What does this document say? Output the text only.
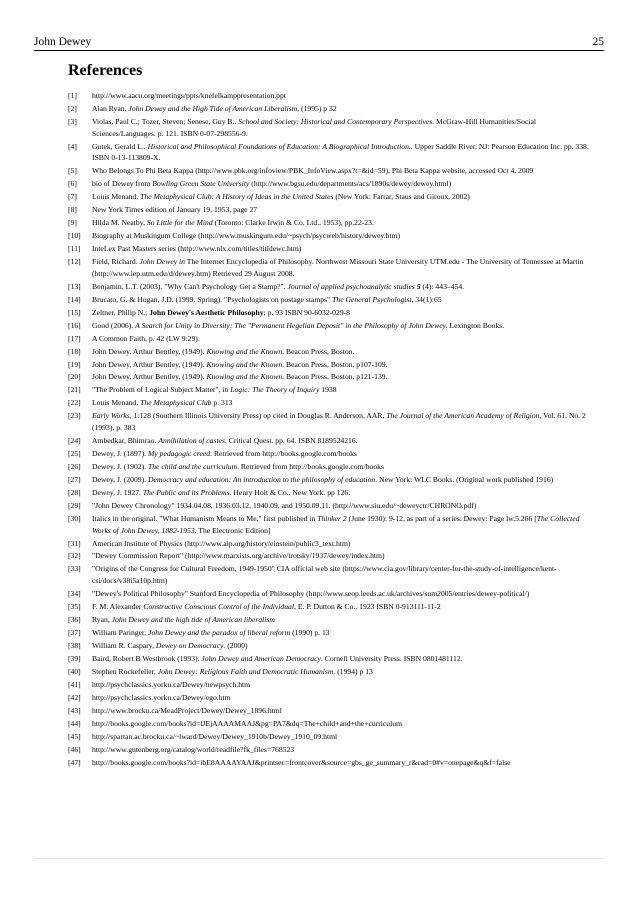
John Dewey	25
References
[1]	http://www.aacu.org/meetings/ppts/knefelkamppresentation.ppt
[2]	Alan Ryan, John Dewey and the High Tide of American Liberalism, (1995) p 32
[3]	Violas, Paul C.; Tozer, Steven; Senese, Guy B.. School and Society: Historical and Contemporary Perspectives. McGraw-Hill Humanities/Social Sciences/Languages. p. 121. ISBN 0-07-298556-9.
[4]	Gutek, Gerald L.. Historical and Philosophical Foundations of Education: A Biographical Introduction.. Upper Saddle River, NJ: Pearson Education Inc. pp. 338. ISBN 0-13-113809-X.
[5]	Who Belongs To Phi Beta Kappa (http://www.pbk.org/infoview/PBK_InfoView.aspx?t=&id=59), Phi Beta Kappa website, accessed Oct 4, 2009
[6]	bio of Dewey from Bowling Green State University (http://www.bgsu.edu/departments/acs/1890s/dewey/dewey.html)
[7]	Louis Menand, The Metaphysical Club: A History of Ideas in the United States (New York: Farrar, Staus and Giroux, 2002)
[8]	New York Times edition of January 19, 1953, page 27
[9]	Hilda M. Neatby, So Little for the Mind (Toronto: Clarke Irwin & Co. Ltd., 1953), pp.22-23.
[10]	Biography at Muskingum College (http://www.muskingum.edu/~psych/psycweb/history/dewey.htm)
[11]	InteLex Past Masters series (http://www.nlx.com/titles/titldewc.htm)
[12]	Field, Richard. John Dewey in The Internet Encyclopedia of Philosophy. Northwest Missouri State University UTM.edu - The University of Tennessee at Martin (http://www.iep.utm.edu/d/dewey.htm) Retrieved 29 August 2008.
[13]	Benjamin, L.T. (2003). "Why Can't Psychology Get a Stamp?". Journal of applied psychoanalytic studies 5 (4): 443–454.
[14]	Brucato, G. & Hogan, J.D. (1999, Spring). "Psychologists on postage stamps" The General Psychologist, 34(1):65
[15]	Zeltner, Philip N.; John Dewey's Aesthetic Philosophy; p. 93 ISBN 90-6032-029-8
[16]	Good (2006). A Search for Unity in Diversity: The "Permanent Hegelian Deposit" in the Philosophy of John Dewey. Lexington Books.
[17]	A Common Faith, p. 42 (LW 9:29).
[18]	John Dewey, Arthur Bentley, (1949). Knowing and the Known. Beacon Press, Boston.
[19]	John Dewey, Arthur Bentley, (1949). Knowing and the Known. Beacon Press, Boston, p107-109.
[20]	John Dewey, Arthur Bentley, (1949). Knowing and the Known. Beacon Press, Boston, p121-139.
[21]	"The Problem of Logical Subject Matter", in Logic: The Theory of Inquiry 1938
[22]	Louis Menand. The Metaphysical Club p. 313
[23]	Early Works, 1:128 (Southern Illinois University Press) op cited in Douglas R. Anderson, AAR, The Journal of the American Academy of Religion, Vol. 61, No. 2 (1993), p. 383
[24]	Ambedkar, Bhimrao. Annihilation of castes. Critical Quest. pp. 64. ISBN 8189524216.
[25]	Dewey, J. (1897). My pedagogic creed. Retrieved from http://books.google.com/books
[26]	Dewey, J. (1902). The child and the curriculum. Retrieved from http://books.google.com/books
[27]	Dewey, J. (2009). Democracy and education: An introduction to the philosophy of education. New York: WLC Books. (Original work published 1916)
[28]	Dewey, J. 1927. The Public and its Problems. Henry Holt & Co., New York. pp 126.
[29]	"John Dewey Chronology" 1934.04.08, 1936.03.12, 1940.09, and 1950.09.11. (http://www.siu.edu/~deweyctr/CHRONO.pdf)
[30]	Italics in the original. "What Humanism Means to Me," first published in Thinker 2 (June 1930): 9-12, as part of a series. Dewey: Page lw.5.266 [The Collected Works of John Dewey, 1882-1953, The Electronic Edition]
[31]	American Institute of Physics (http://www.aip.org/history/einstein/public3_text.htm)
[32]	"Dewey Commission Report" (http://www.marxists.org/archive/trotsky/1937/dewey/index.htm)
[33]	"Origins of the Congress for Cultural Freedom, 1949-1950" CIA official web site (https://www.cia.gov/library/center-for-the-study-of-intelligence/kent-csi/docs/v38i5a10p.htm)
[34]	"Dewey's Political Philosophy" Stanford Encyclopedia of Philosophy (http://www.seop.leeds.ac.uk/archives/sum2005/entries/dewey-political/)
[35]	F. M. Alexander Constructive Conscious Control of the Individual, E. P. Dutton & Co., 1923 ISBN 0-913111-11-2
[36]	Ryan, John Dewey and the high tide of American liberalism
[37]	William Paringer, John Dewey and the paradox of liberal reform (1990) p. 13
[38]	William R. Caspary, Dewey on Democracy. (2000)
[39]	Baird, Robert B Westbrook (1993). John Dewey and American Democracy. Cornell University Press. ISBN 0801481112.
[40]	Stephen Rockefeller, John Dewey: Religious Faith and Democratic Humanism. (1994) p 13
[41]	http://psychclassics.yorku.ca/Dewey/newpsych.htm
[42]	http://psychclassics.yorku.ca/Dewey/ego.htm
[43]	http://www.brocku.ca/MeadProject/Dewey/Dewey_1896.html
[44]	http://books.google.com/books?id=lJEjAAAAMAAJ&pg=PA7&dq=The+child+and+the+curriculum
[45]	http://spartan.ac.brocku.ca/~lward/Dewey/Dewey_1910b/Dewey_1910_09.html
[46]	http://www.gutenberg.org/catalog/world/readfile?fk_files=768523
[47]	http://books.google.com/books?id=ibE8AAAAYAAJ&printsec=frontcover&source=gbs_ge_summary_r&cad=0#v=onepage&q&f=false
